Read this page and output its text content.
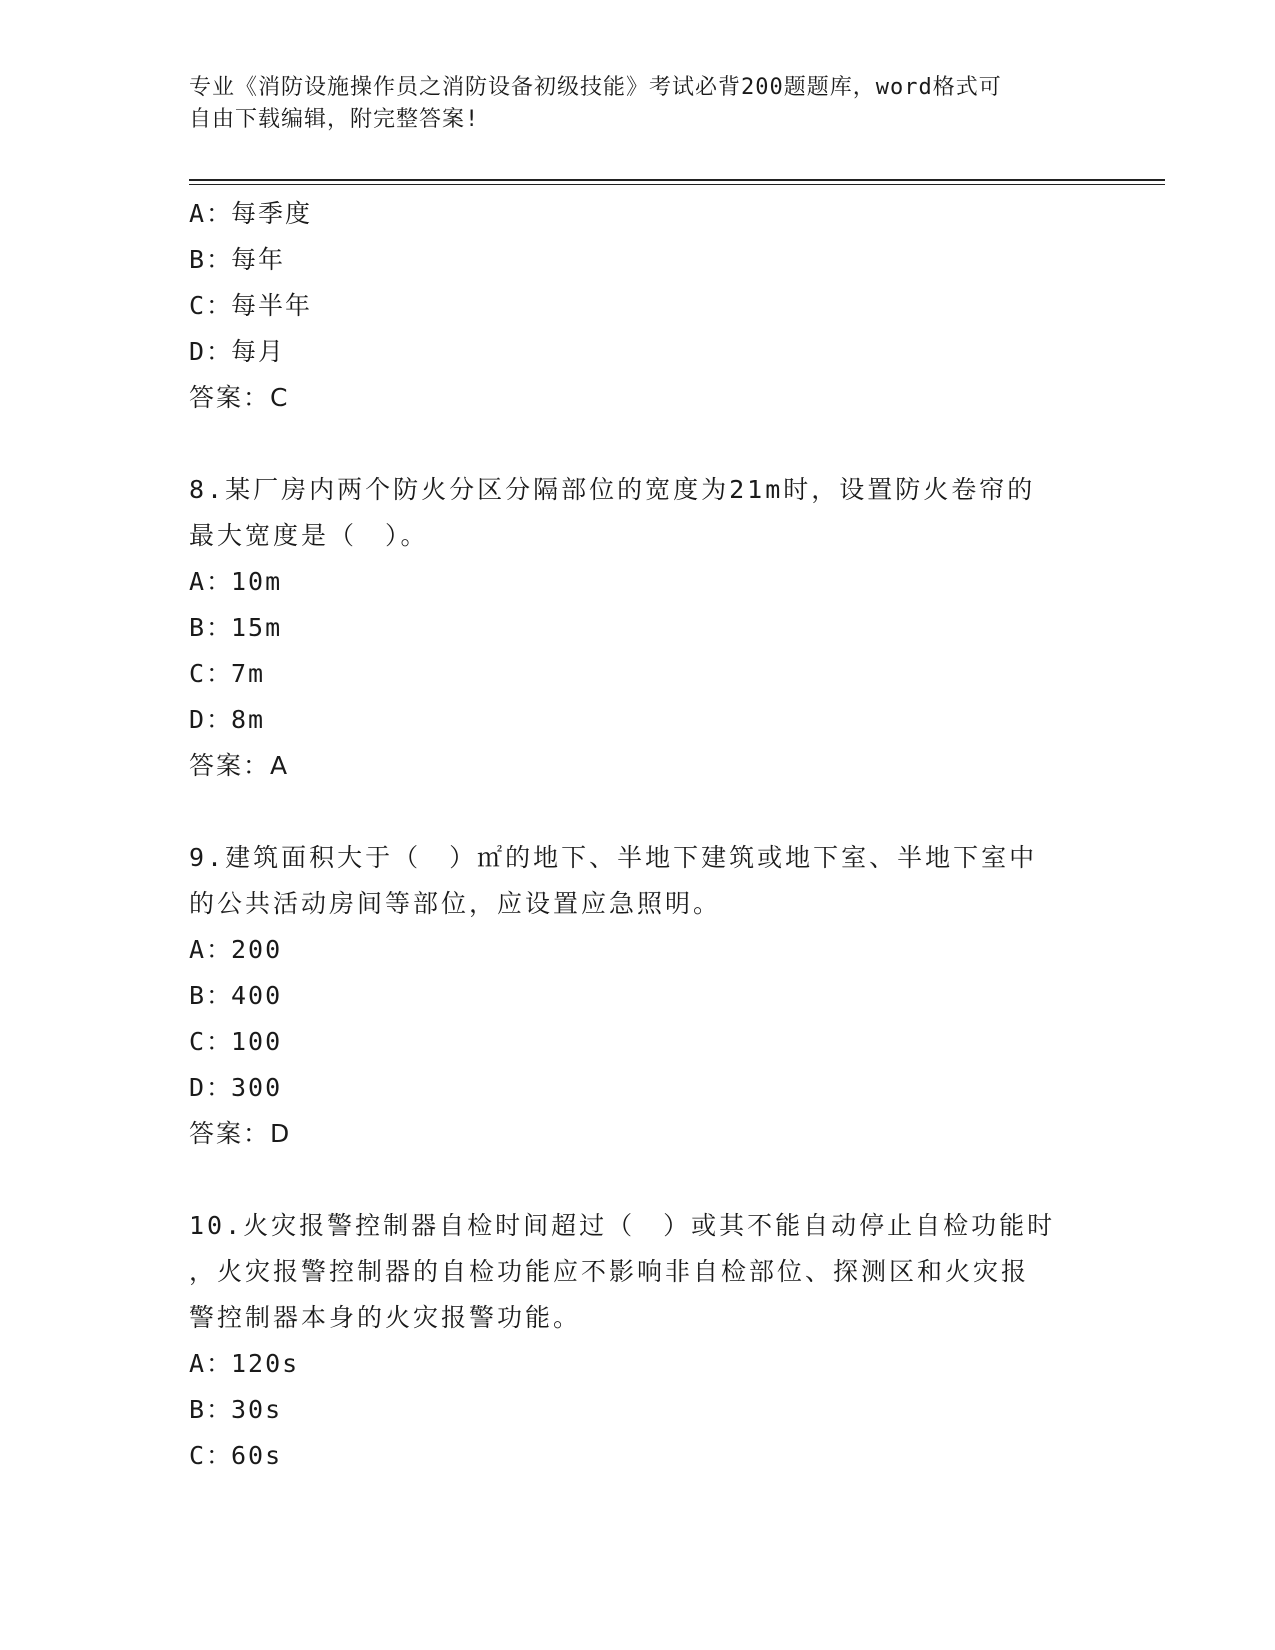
专业《消防设施操作员之消防设备初级技能》考试必背200题题库，word格式可
自由下载编辑，附完整答案!
A：每季度
B：每年
C：每半年
D：每月
答案：C
8.某厂房内两个防火分区分隔部位的宽度为21m时，设置防火卷帘的
最大宽度是（　）。
A：10m
B：15m
C：7m
D：8m
答案：A
9.建筑面积大于（　）㎡的地下、半地下建筑或地下室、半地下室中
的公共活动房间等部位，应设置应急照明。
A：200
B：400
C：100
D：300
答案：D
10.火灾报警控制器自检时间超过（　）或其不能自动停止自检功能时
，火灾报警控制器的自检功能应不影响非自检部位、探测区和火灾报
警控制器本身的火灾报警功能。
A：120s
B：30s
C：60s
